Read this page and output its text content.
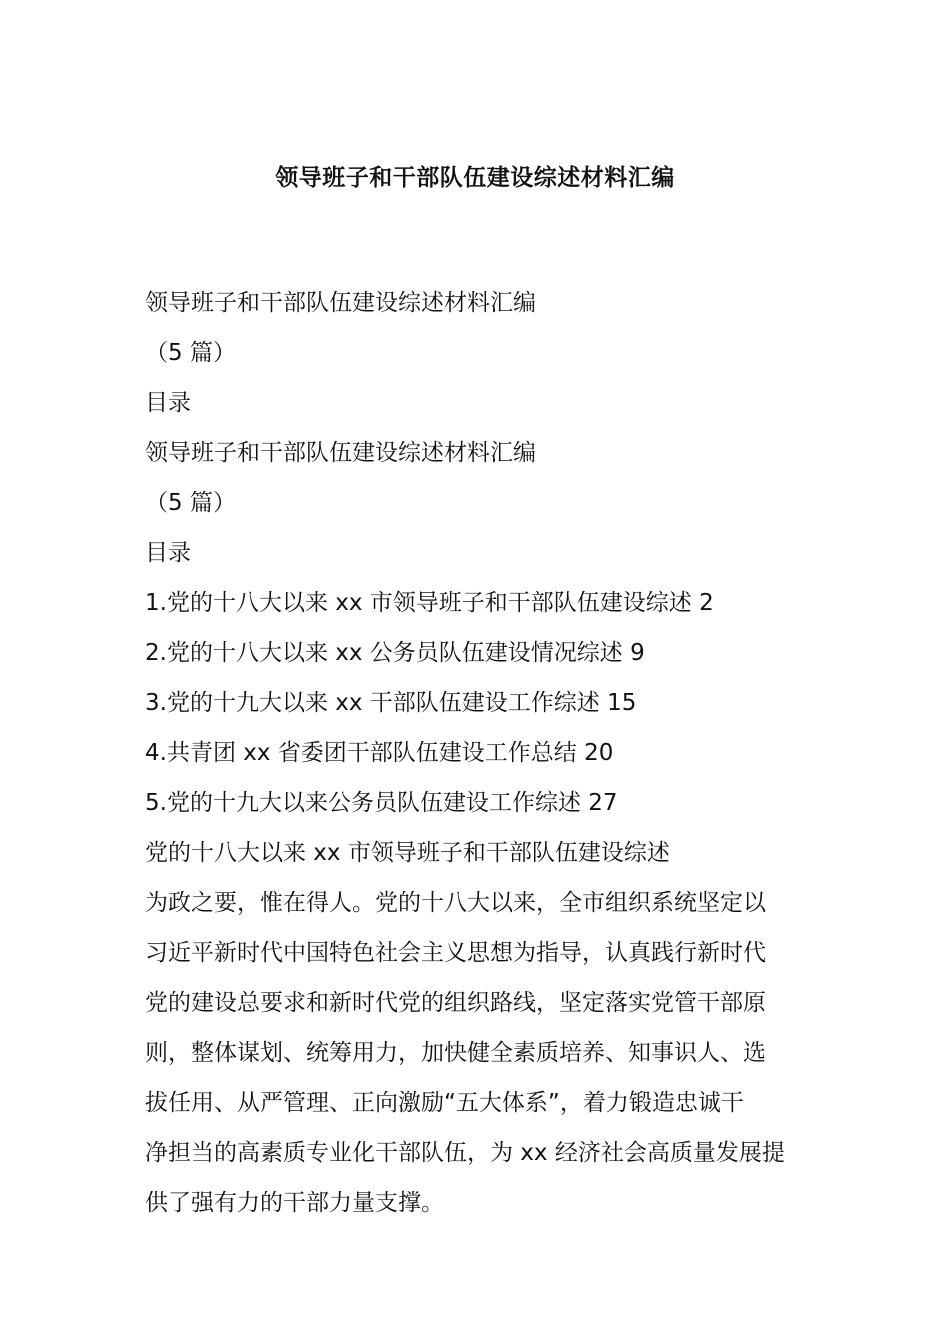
领导班子和干部队伍建设综述材料汇编
领导班子和干部队伍建设综述材料汇编
（5 篇）
目录
领导班子和干部队伍建设综述材料汇编
（5 篇）
目录
1.党的十八大以来 xx 市领导班子和干部队伍建设综述 2
2.党的十八大以来 xx 公务员队伍建设情况综述 9
3.党的十九大以来 xx 干部队伍建设工作综述 15
4.共青团 xx 省委团干部队伍建设工作总结 20
5.党的十九大以来公务员队伍建设工作综述 27
党的十八大以来 xx 市领导班子和干部队伍建设综述
为政之要，惟在得人。党的十八大以来，全市组织系统坚定以
习近平新时代中国特色社会主义思想为指导，认真践行新时代
党的建设总要求和新时代党的组织路线，坚定落实党管干部原
则，整体谋划、统筹用力，加快健全素质培养、知事识人、选
拔任用、从严管理、正向激励“五大体系”，着力锻造忠诚干
净担当的高素质专业化干部队伍，为 xx 经济社会高质量发展提
供了强有力的干部力量支撑。
